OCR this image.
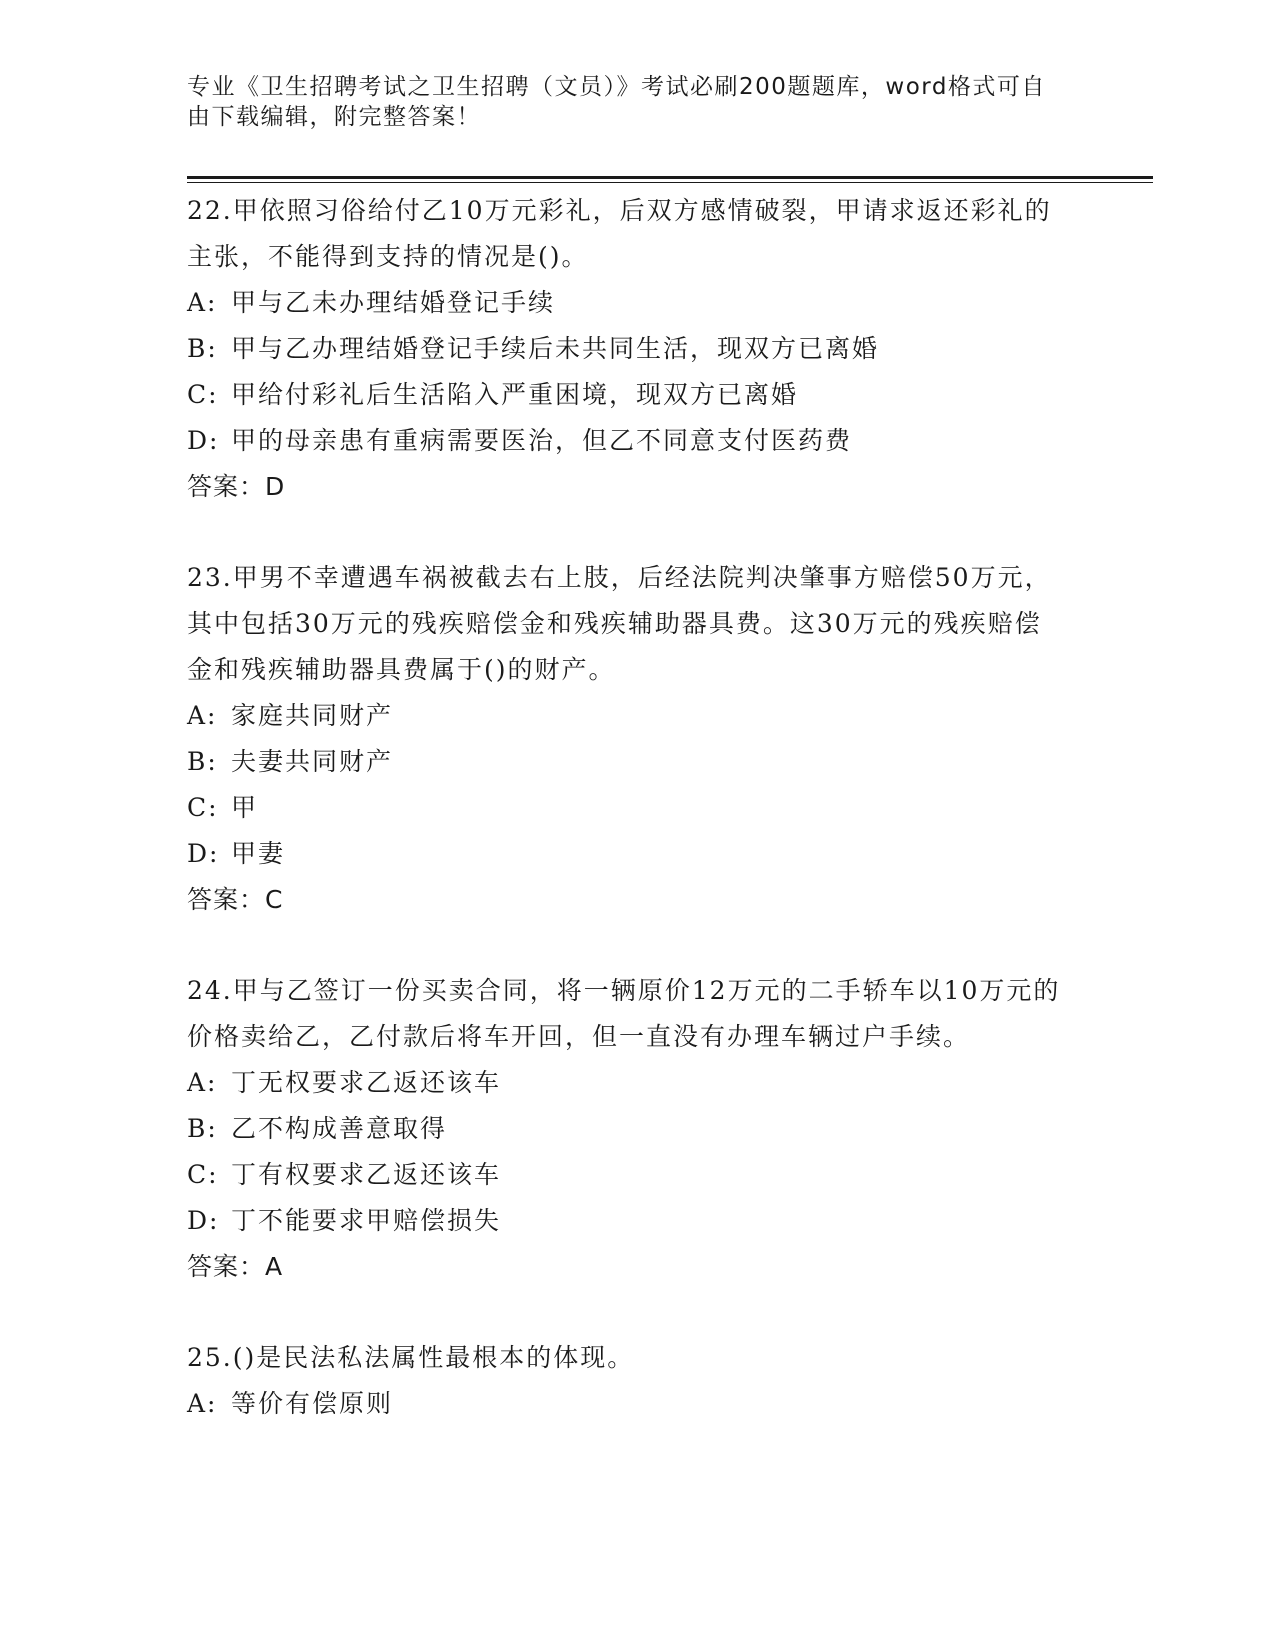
专业《卫生招聘考试之卫生招聘（文员）》考试必刷200题题库，word格式可自由下载编辑，附完整答案！
22.甲依照习俗给付乙10万元彩礼，后双方感情破裂，甲请求返还彩礼的主张，不能得到支持的情况是()。
A: 甲与乙未办理结婚登记手续
B: 甲与乙办理结婚登记手续后未共同生活，现双方已离婚
C: 甲给付彩礼后生活陷入严重困境，现双方已离婚
D: 甲的母亲患有重病需要医治，但乙不同意支付医药费
答案：D
23.甲男不幸遭遇车祸被截去右上肢，后经法院判决肇事方赔偿50万元，其中包括30万元的残疾赔偿金和残疾辅助器具费。这30万元的残疾赔偿金和残疾辅助器具费属于()的财产。
A: 家庭共同财产
B: 夫妻共同财产
C: 甲
D: 甲妻
答案：C
24.甲与乙签订一份买卖合同，将一辆原价12万元的二手轿车以10万元的价格卖给乙，乙付款后将车开回，但一直没有办理车辆过户手续。
A: 丁无权要求乙返还该车
B: 乙不构成善意取得
C: 丁有权要求乙返还该车
D: 丁不能要求甲赔偿损失
答案：A
25.()是民法私法属性最根本的体现。
A: 等价有偿原则
